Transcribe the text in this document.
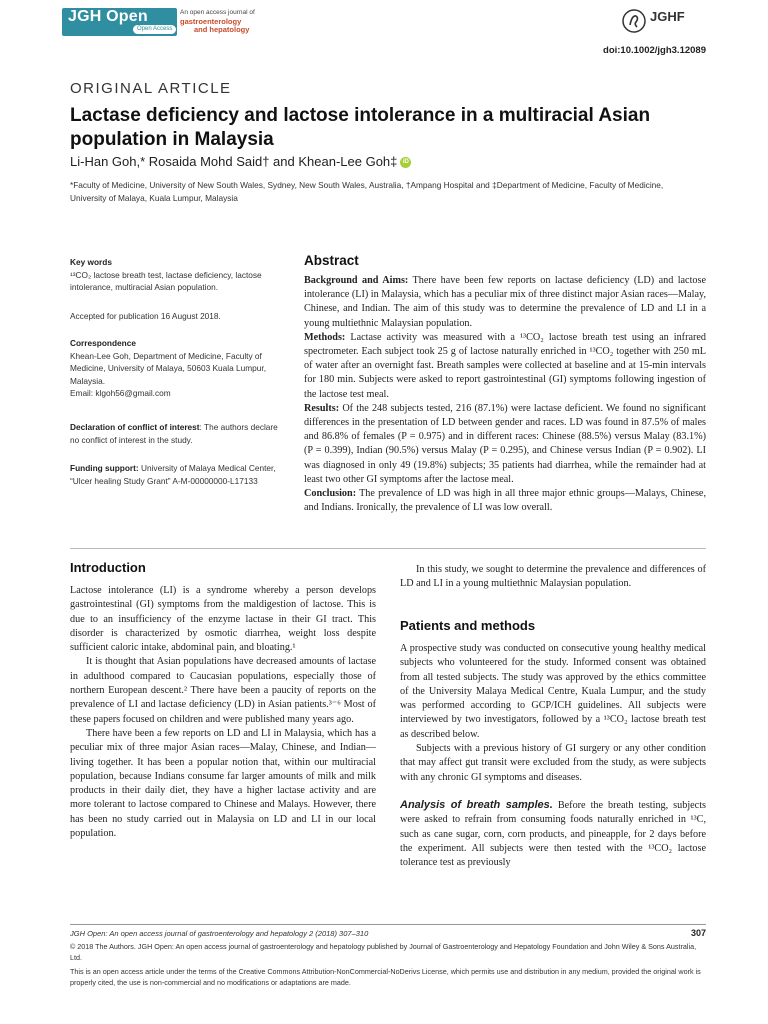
JGH Open
Open Access
An open access journal of
gastroenterology
and hepatology
JGHF
doi:10.1002/jgh3.12089
ORIGINAL ARTICLE
Lactase deficiency and lactose intolerance in a multiracial Asian population in Malaysia
Li-Han Goh,* Rosaida Mohd Said† and Khean-Lee Goh‡ iD
*Faculty of Medicine, University of New South Wales, Sydney, New South Wales, Australia, †Ampang Hospital and ‡Department of Medicine, Faculty of Medicine, University of Malaya, Kuala Lumpur, Malaysia
Key words
¹³CO₂ lactose breath test, lactase deficiency, lactose intolerance, multiracial Asian population.
Accepted for publication 16 August 2018.
Correspondence
Khean-Lee Goh, Department of Medicine, Faculty of Medicine, University of Malaya, 50603 Kuala Lumpur, Malaysia.
Email: klgoh56@gmail.com
Declaration of conflict of interest: The authors declare no conflict of interest in the study.
Funding support: University of Malaya Medical Center, “Ulcer healing Study Grant” A-M-00000000-L17133
Abstract

Background and Aims: There have been few reports on lactase deficiency (LD) and lactose intolerance (LI) in Malaysia, which has a peculiar mix of three distinct major Asian races—Malay, Chinese, and Indian. The aim of this study was to determine the prevalence of LD and LI in a young multiethnic Malaysian population.

Methods: Lactase activity was measured with a ¹³CO₂ lactose breath test using an infrared spectrometer. Each subject took 25 g of lactose naturally enriched in ¹³CO₂ together with 250 mL of water after an overnight fast. Breath samples were collected at baseline and at 15-min intervals for 180 min. Subjects were asked to report gastrointestinal (GI) symptoms following ingestion of the lactose test meal.

Results: Of the 248 subjects tested, 216 (87.1%) were lactase deficient. We found no significant differences in the presentation of LD between gender and races. LD was found in 87.5% of males and 86.8% of females (P = 0.975) and in different races: Chinese (88.5%) versus Malay (83.1%) (P = 0.399), Indian (90.5%) versus Malay (P = 0.295), and Chinese versus Indian (P = 0.902). LI was diagnosed in only 49 (19.8%) subjects; 35 patients had diarrhea, while the remainder had at least two other GI symptoms after the lactose meal.

Conclusion: The prevalence of LD was high in all three major ethnic groups—Malays, Chinese, and Indians. Ironically, the prevalence of LI was low overall.

Introduction

Lactose intolerance (LI) is a syndrome whereby a person develops gastrointestinal (GI) symptoms from the maldigestion of lactose. This is due to an insufficiency of the enzyme lactase in their GI tract. This disorder is characterized by osmotic diarrhea, weight loss despite sufficient caloric intake, abdominal pain, and bloating.¹

It is thought that Asian populations have decreased amounts of lactase in adulthood compared to Caucasian populations, especially those of northern European descent.² There have been a paucity of reports on the prevalence of LI and lactase deficiency (LD) in Asian patients.³⁻⁶ Most of these papers focused on children and were published many years ago.

There have been a few reports on LD and LI in Malaysia, which has a peculiar mix of three major Asian races—Malay, Chinese, and Indian—living together. It has been a popular notion that, within our multiracial population, because Indians consume far larger amounts of milk and milk products in their daily diet, they have a higher lactase activity and are more tolerant to lactose compared to Chinese and Malays. However, there has been no study carried out in Malaysia on LD and LI in our local population.

In this study, we sought to determine the prevalence and differences of LD and LI in a young multiethnic Malaysian population.

Patients and methods

A prospective study was conducted on consecutive young healthy medical subjects who volunteered for the study. Informed consent was obtained from all tested subjects. The study was approved by the ethics committee of the University Malaya Medical Centre, Kuala Lumpur, and the study was performed according to GCP/ICH guidelines. All subjects were interviewed by two investigators, followed by a ¹³CO₂ lactose breath test as described below.

Subjects with a previous history of GI surgery or any other condition that may affect gut transit were excluded from the study, as were subjects with any chronic GI symptoms and diseases.

Analysis of breath samples. Before the breath testing, subjects were asked to refrain from consuming foods naturally enriched in ¹³C, such as cane sugar, corn, corn products, and pineapple, for 2 days before the experiment. All subjects were then tested with the ¹³CO₂ lactose tolerance test as previously

JGH Open: An open access journal of gastroenterology and hepatology 2 (2018) 307–310	307
© 2018 The Authors. JGH Open: An open access journal of gastroenterology and hepatology published by Journal of Gastroenterology and Hepatology Foundation and John Wiley & Sons Australia, Ltd.
This is an open access article under the terms of the Creative Commons Attribution-NonCommercial-NoDerivs License, which permits use and distribution in any medium, provided the original work is properly cited, the use is non-commercial and no modifications or adaptations are made.
